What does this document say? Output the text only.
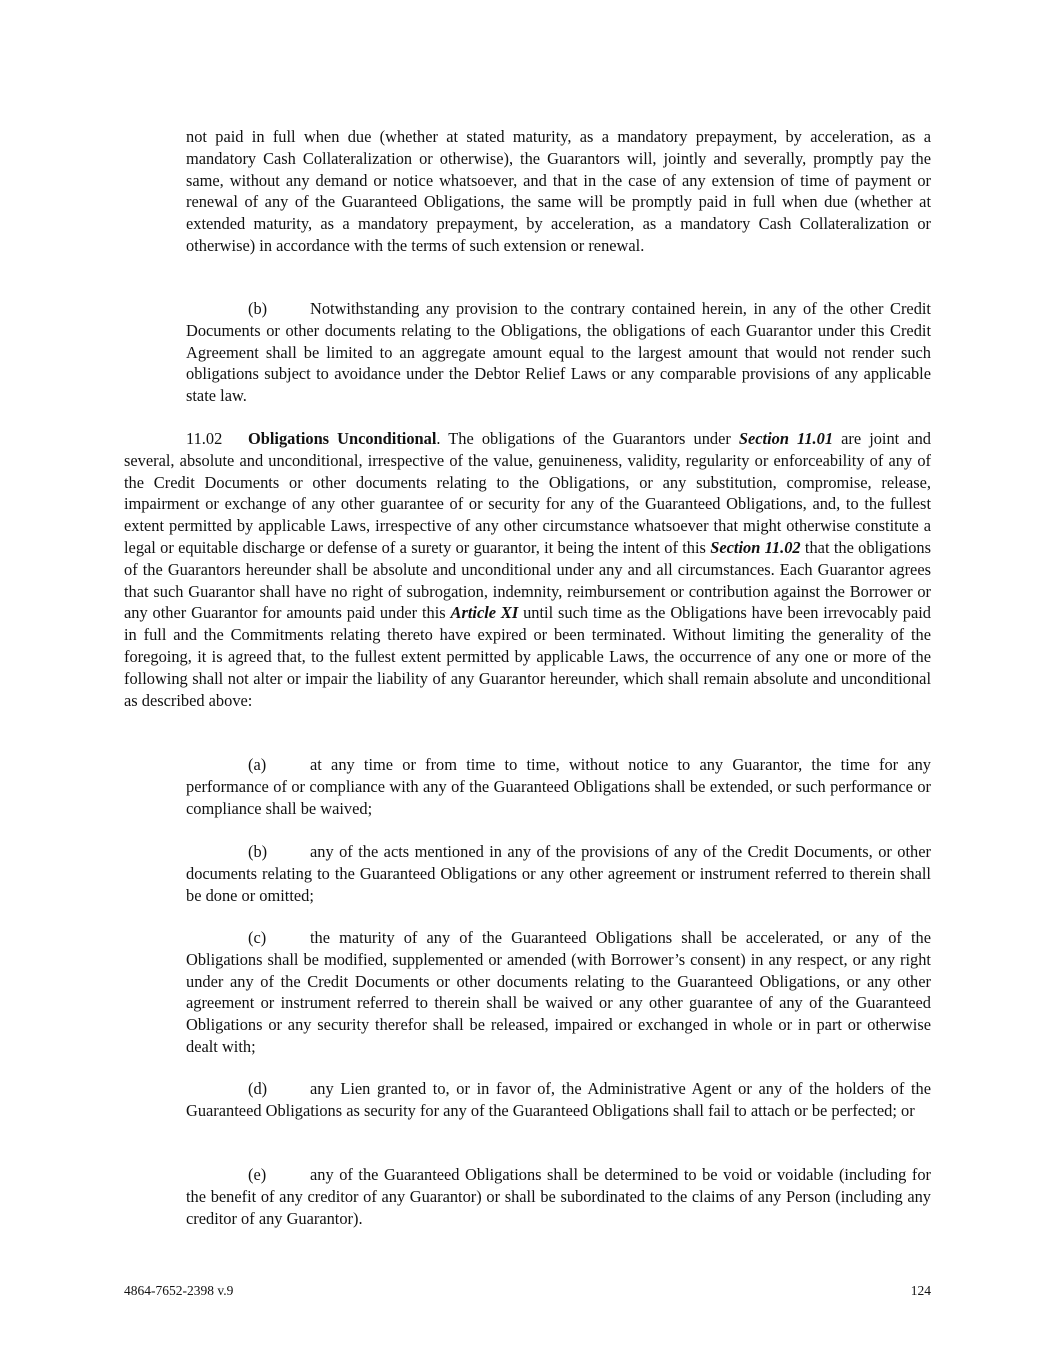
not paid in full when due (whether at stated maturity, as a mandatory prepayment, by acceleration, as a mandatory Cash Collateralization or otherwise), the Guarantors will, jointly and severally, promptly pay the same, without any demand or notice whatsoever, and that in the case of any extension of time of payment or renewal of any of the Guaranteed Obligations, the same will be promptly paid in full when due (whether at extended maturity, as a mandatory prepayment, by acceleration, as a mandatory Cash Collateralization or otherwise) in accordance with the terms of such extension or renewal.

(b)	Notwithstanding any provision to the contrary contained herein, in any of the other Credit Documents or other documents relating to the Obligations, the obligations of each Guarantor under this Credit Agreement shall be limited to an aggregate amount equal to the largest amount that would not render such obligations subject to avoidance under the Debtor Relief Laws or any comparable provisions of any applicable state law.

11.02 Obligations Unconditional. The obligations of the Guarantors under Section 11.01 are joint and several, absolute and unconditional, irrespective of the value, genuineness, validity, regularity or enforceability of any of the Credit Documents or other documents relating to the Obligations, or any substitution, compromise, release, impairment or exchange of any other guarantee of or security for any of the Guaranteed Obligations, and, to the fullest extent permitted by applicable Laws, irrespective of any other circumstance whatsoever that might otherwise constitute a legal or equitable discharge or defense of a surety or guarantor, it being the intent of this Section 11.02 that the obligations of the Guarantors hereunder shall be absolute and unconditional under any and all circumstances. Each Guarantor agrees that such Guarantor shall have no right of subrogation, indemnity, reimbursement or contribution against the Borrower or any other Guarantor for amounts paid under this Article XI until such time as the Obligations have been irrevocably paid in full and the Commitments relating thereto have expired or been terminated. Without limiting the generality of the foregoing, it is agreed that, to the fullest extent permitted by applicable Laws, the occurrence of any one or more of the following shall not alter or impair the liability of any Guarantor hereunder, which shall remain absolute and unconditional as described above:

(a)	at any time or from time to time, without notice to any Guarantor, the time for any performance of or compliance with any of the Guaranteed Obligations shall be extended, or such performance or compliance shall be waived;

(b)	any of the acts mentioned in any of the provisions of any of the Credit Documents, or other documents relating to the Guaranteed Obligations or any other agreement or instrument referred to therein shall be done or omitted;

(c)	the maturity of any of the Guaranteed Obligations shall be accelerated, or any of the Obligations shall be modified, supplemented or amended (with Borrower’s consent) in any respect, or any right under any of the Credit Documents or other documents relating to the Guaranteed Obligations, or any other agreement or instrument referred to therein shall be waived or any other guarantee of any of the Guaranteed Obligations or any security therefor shall be released, impaired or exchanged in whole or in part or otherwise dealt with;

(d)	any Lien granted to, or in favor of, the Administrative Agent or any of the holders of the Guaranteed Obligations as security for any of the Guaranteed Obligations shall fail to attach or be perfected; or

(e)	any of the Guaranteed Obligations shall be determined to be void or voidable (including for the benefit of any creditor of any Guarantor) or shall be subordinated to the claims of any Person (including any creditor of any Guarantor).

4864-7652-2398 v.9	124
